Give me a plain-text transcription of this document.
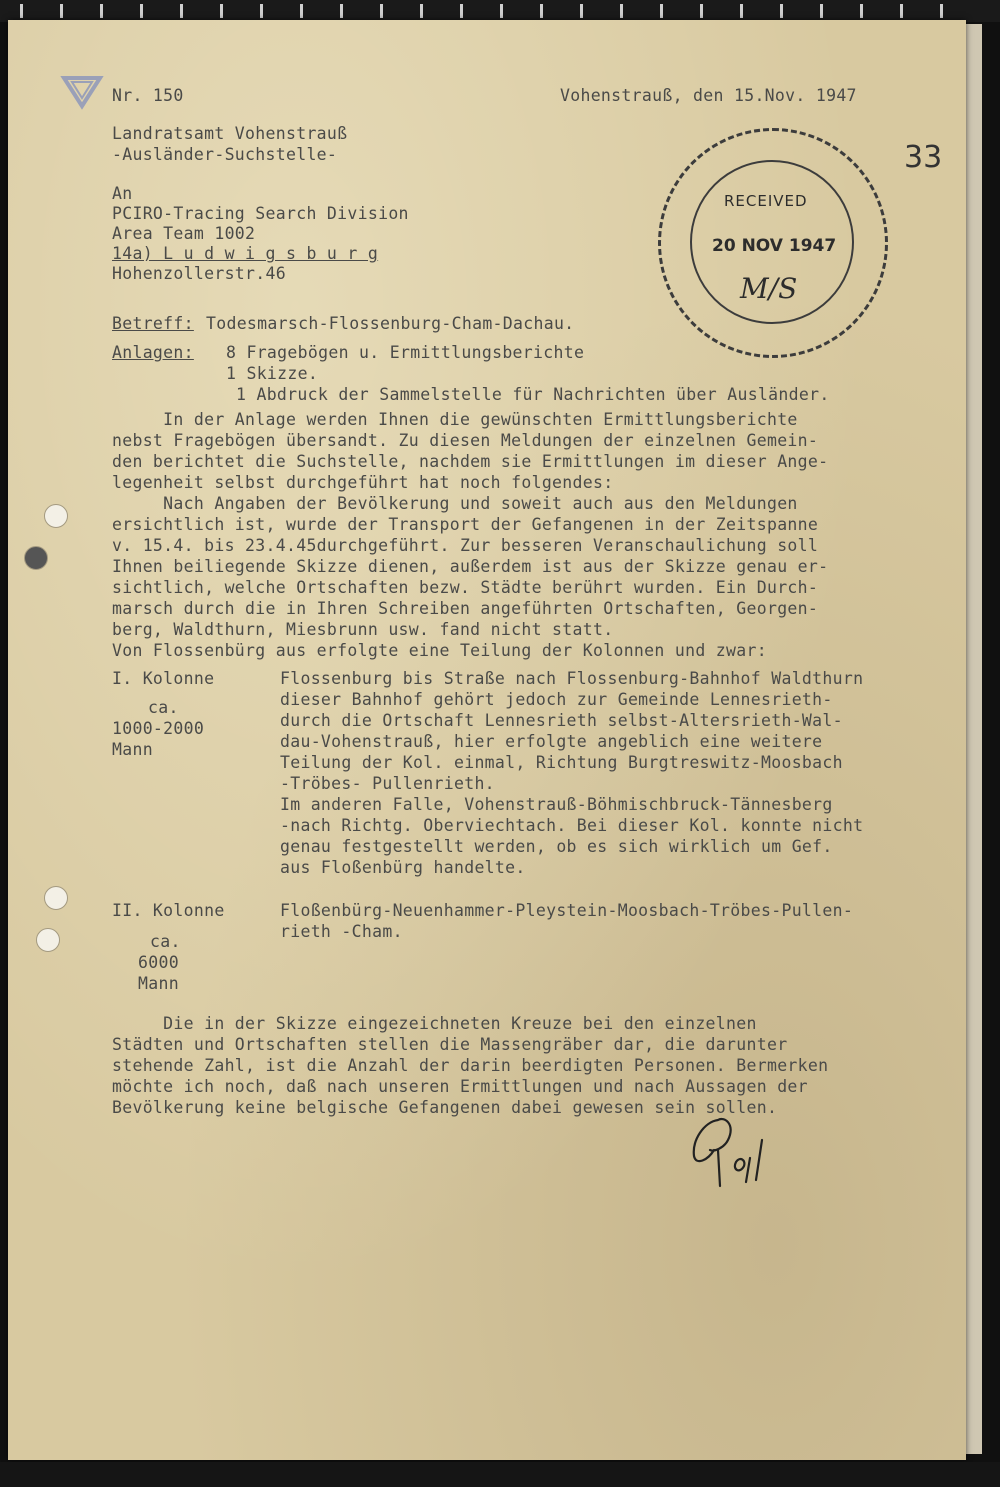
Nr. 150	Vohenstrauß, den 15.Nov. 1947
Landratsamt Vohenstrauß
-Ausländer-Suchstelle-	33
An
PCIRO-Tracing Search Division
Area Team 1002
14a) L u d w i g s b u r g
Hohenzollerstr.46
RECEIVED
20 NOV 1947
M/S
Betreff: Todesmarsch-Flossenburg-Cham-Dachau.
Anlagen: 8 Fragebögen u. Ermittlungsberichte
1 Skizze.
1 Abdruck der Sammelstelle für Nachrichten über Ausländer.
In der Anlage werden Ihnen die gewünschten Ermittlungsberichte
nebst Fragebögen übersandt. Zu diesen Meldungen der einzelnen Gemein-
den berichtet die Suchstelle, nachdem sie Ermittlungen im dieser Ange-
legenheit selbst durchgeführt hat noch folgendes:
Nach Angaben der Bevölkerung und soweit auch aus den Meldungen
ersichtlich ist, wurde der Transport der Gefangenen in der Zeitspanne
v. 15.4. bis 23.4.45durchgeführt. Zur besseren Veranschaulichung soll
Ihnen beiliegende Skizze dienen, außerdem ist aus der Skizze genau er-
sichtlich, welche Ortschaften bezw. Städte berührt wurden. Ein Durch-
marsch durch die in Ihren Schreiben angeführten Ortschaften, Georgen-
berg, Waldthurn, Miesbrunn usw. fand nicht statt.
Von Flossenbürg aus erfolgte eine Teilung der Kolonnen und zwar:
I. Kolonne
ca.
1000-2000
Mann
Flossenburg bis Straße nach Flossenburg-Bahnhof Waldthurn
dieser Bahnhof gehört jedoch zur Gemeinde Lennesrieth-
durch die Ortschaft Lennesrieth selbst-Altersrieth-Wal-
dau-Vohenstrauß, hier erfolgte angeblich eine weitere
Teilung der Kol. einmal, Richtung Burgtreswitz-Moosbach
-Tröbes- Pullenrieth.
Im anderen Falle, Vohenstrauß-Böhmischbruck-Tännesberg
-nach Richtg. Oberviechtach. Bei dieser Kol. konnte nicht
genau festgestellt werden, ob es sich wirklich um Gef.
aus Floßenbürg handelte.
II. Kolonne
ca.
6000
Mann
Floßenbürg-Neuenhammer-Pleystein-Moosbach-Tröbes-Pullen-
rieth -Cham.
Die in der Skizze eingezeichneten Kreuze bei den einzelnen
Städten und Ortschaften stellen die Massengräber dar, die darunter
stehende Zahl, ist die Anzahl der darin beerdigten Personen. Bermerken
möchte ich noch, daß nach unseren Ermittlungen und nach Aussagen der
Bevölkerung keine belgische Gefangenen dabei gewesen sein sollen.
